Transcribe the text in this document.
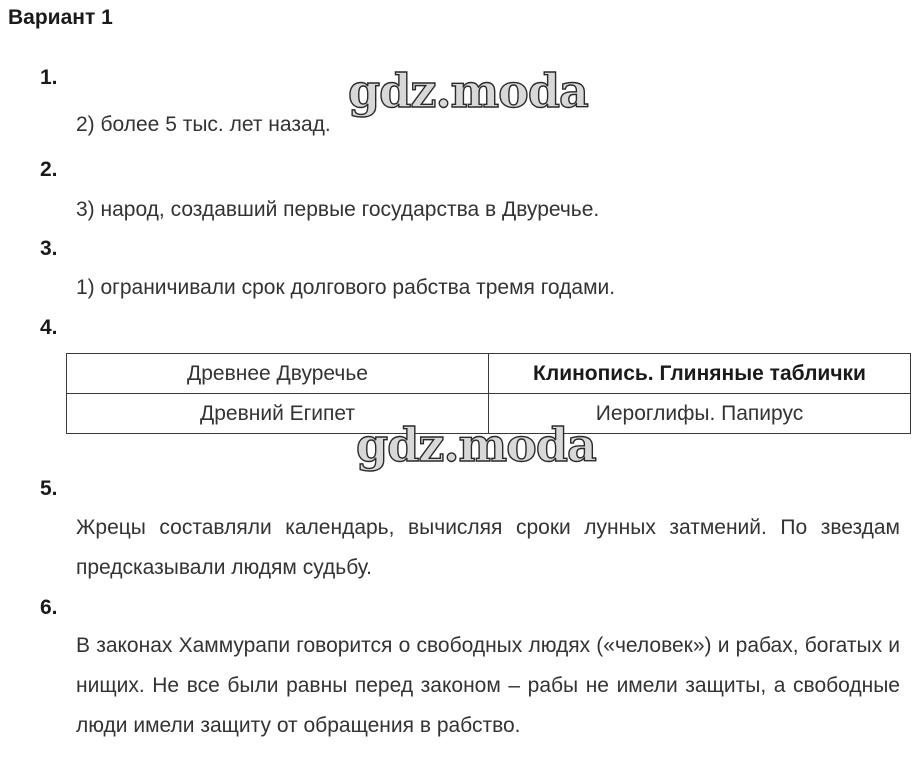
Вариант 1
1.
2) более 5 тыс. лет назад.
2.
3) народ, создавший первые государства в Двуречье.
3.
1) ограничивали срок долгового рабства тремя годами.
4.
Древнее Двуречье	Клинопись. Глиняные таблички
Древний Египет	Иероглифы. Папирус
5.
Жрецы составляли календарь, вычисляя сроки лунных затмений. По звездам предсказывали людям судьбу.
6.
В законах Хаммурапи говорится о свободных людях («человек») и рабах, богатых и нищих. Не все были равны перед законом – рабы не имели защиты, а свободные люди имели защиту от обращения в рабство.
gdz.moda
gdz.moda
